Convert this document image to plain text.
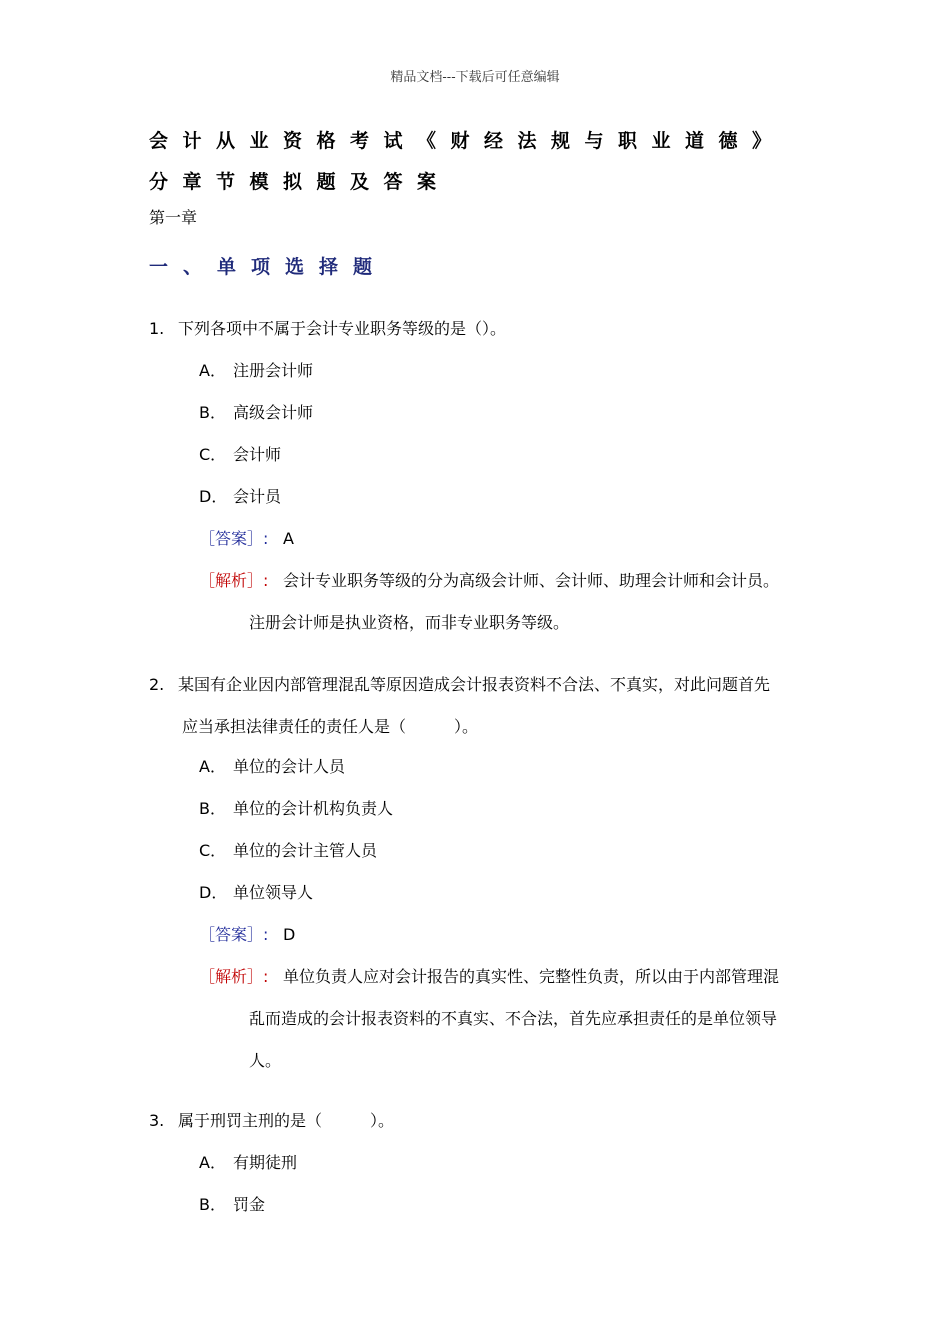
精品文档---下载后可任意编辑
会计从业资格考试《财经法规与职业道德》
分章节模拟题及答案
第一章
一、单项选择题
1. 下列各项中不属于会计专业职务等级的是（）。
A． 注册会计师
B． 高级会计师
C． 会计师
D． 会计员
［答案］: A
［解析］: 会计专业职务等级的分为高级会计师、会计师、助理会计师和会计员。
注册会计师是执业资格，而非专业职务等级。
2. 某国有企业因内部管理混乱等原因造成会计报表资料不合法、不真实，对此问题首先
应当承担法律责任的责任人是（　　　）。
A． 单位的会计人员
B． 单位的会计机构负责人
C． 单位的会计主管人员
D． 单位领导人
［答案］: D
［解析］: 单位负责人应对会计报告的真实性、完整性负责，所以由于内部管理混
乱而造成的会计报表资料的不真实、不合法，首先应承担责任的是单位领导
人。
3. 属于刑罚主刑的是（　　　）。
A． 有期徒刑
B． 罚金
